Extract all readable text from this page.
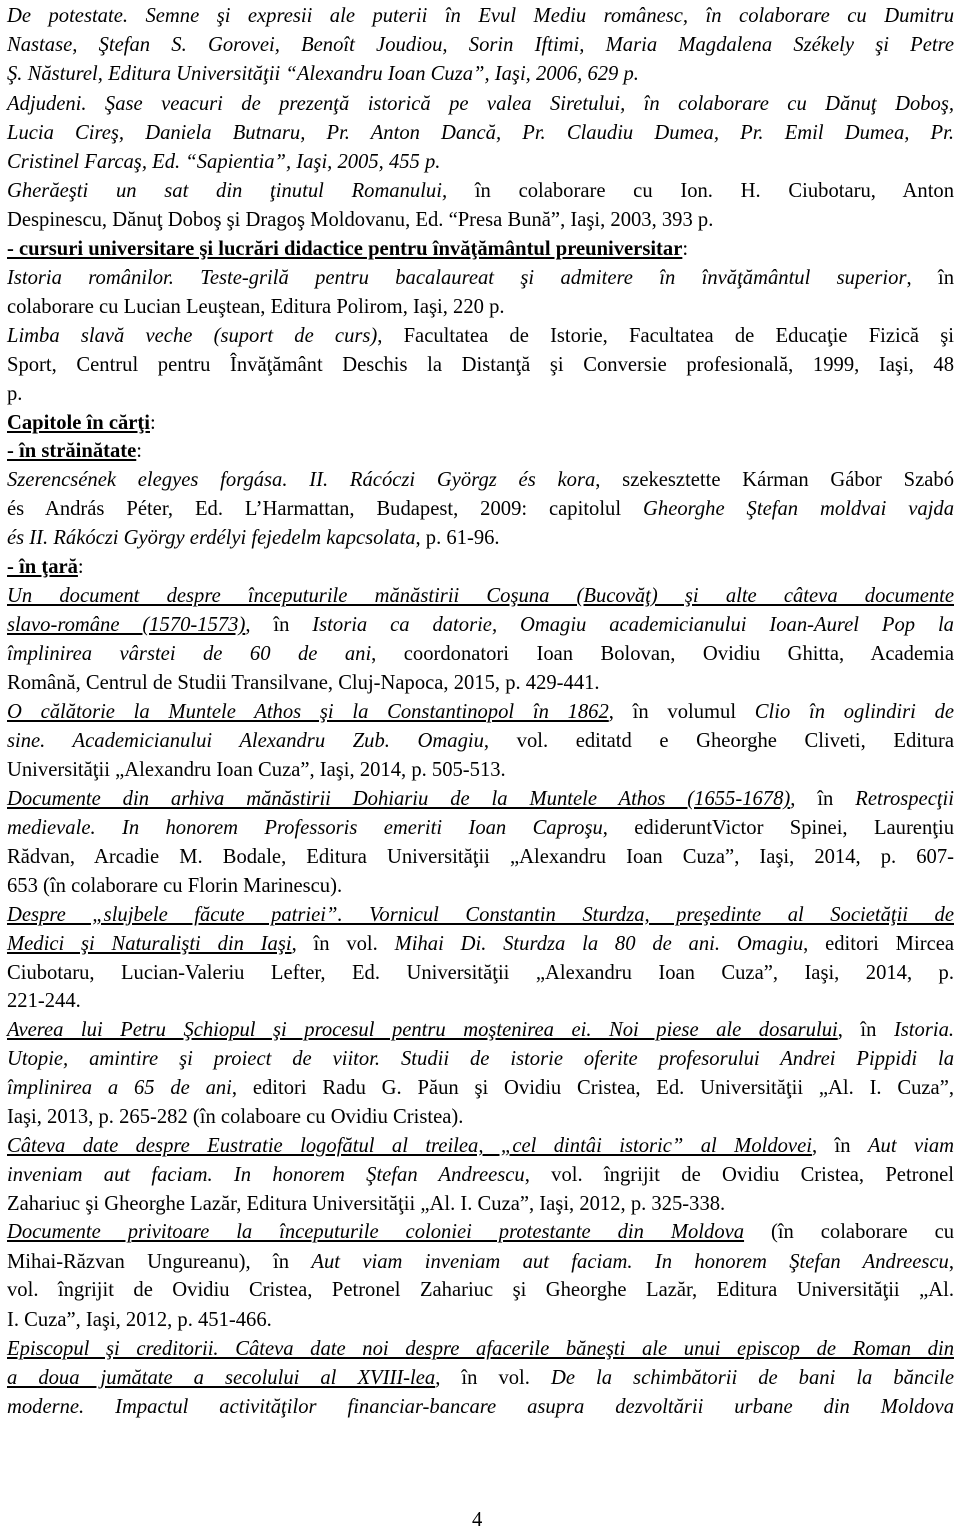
De potestate. Semne şi expresii ale puterii în Evul Mediu românesc, în colaborare cu Dumitru
Nastase, Ştefan S. Gorovei, Benoît Joudiou, Sorin Iftimi, Maria Magdalena Székely şi Petre
Ş. Năsturel, Editura Universităţii “Alexandru Ioan Cuza”, Iaşi, 2006, 629 p.
Adjudeni. Şase veacuri de prezenţă istorică pe valea Siretului, în colaborare cu Dănuţ Doboş,
Lucia Cireş, Daniela Butnaru, Pr. Anton Dancă, Pr. Claudiu Dumea, Pr. Emil Dumea, Pr.
Cristinel Farcaş, Ed. “Sapientia”, Iaşi, 2005, 455 p.
Gherăeşti un sat din ţinutul Romanului, în colaborare cu Ion. H. Ciubotaru, Anton
Despinescu, Dănuţ Doboş şi Dragoş Moldovanu, Ed. “Presa Bună”, Iaşi, 2003, 393 p.
- cursuri universitare şi lucrări didactice pentru învăţământul preuniversitar:
Istoria românilor. Teste-grilă pentru bacalaureat şi admitere în învăţământul superior, în
colaborare cu Lucian Leuştean, Editura Polirom, Iaşi, 220 p.
Limba slavă veche (suport de curs), Facultatea de Istorie, Facultatea de Educaţie Fizică şi
Sport, Centrul pentru Învăţământ Deschis la Distanţă şi Conversie profesională, 1999, Iaşi, 48
p.
Capitole în cărţi:
- în străinătate:
Szerencsének elegyes forgása. II. Rácóczi Györgz és kora, szekesztette Kárman Gábor Szabó
és András Péter, Ed. L’Harmattan, Budapest, 2009: capitolul Gheorghe Ştefan moldvai vajda
és II. Rákóczi György erdélyi fejedelm kapcsolata, p. 61-96.
- în ţară:
Un document despre începuturile mănăstirii Coşuna (Bucovăţ) şi alte câteva documente
slavo-române (1570-1573), în Istoria ca datorie, Omagiu academicianului Ioan-Aurel Pop la
împlinirea vârstei de 60 de ani, coordonatori Ioan Bolovan, Ovidiu Ghitta, Academia
Română, Centrul de Studii Transilvane, Cluj-Napoca, 2015, p. 429-441.
O călătorie la Muntele Athos şi la Constantinopol în 1862, în volumul Clio în oglindiri de
sine. Academicianului Alexandru Zub. Omagiu, vol. editatd e Gheorghe Cliveti, Editura
Universităţii „Alexandru Ioan Cuza”, Iaşi, 2014, p. 505-513.
Documente din arhiva mănăstirii Dohiariu de la Muntele Athos (1655-1678), în Retrospecţii
medievale. In honorem Professoris emeriti Ioan Caproşu, edideruntVictor Spinei, Laurenţiu
Rădvan, Arcadie M. Bodale, Editura Universităţii „Alexandru Ioan Cuza”, Iaşi, 2014, p. 607-
653 (în colaborare cu Florin Marinescu).
Despre „slujbele făcute patriei”. Vornicul Constantin Sturdza, preşedinte al Societăţii de
Medici şi Naturalişti din Iaşi, în vol. Mihai Di. Sturdza la 80 de ani. Omagiu, editori Mircea
Ciubotaru, Lucian-Valeriu Lefter, Ed. Universităţii „Alexandru Ioan Cuza”, Iaşi, 2014, p.
221-244.
Averea lui Petru Şchiopul şi procesul pentru moştenirea ei. Noi piese ale dosarului, în Istoria.
Utopie, amintire şi proiect de viitor. Studii de istorie oferite profesorului Andrei Pippidi la
împlinirea a 65 de ani, editori Radu G. Păun şi Ovidiu Cristea, Ed. Universităţii „Al. I. Cuza”,
Iaşi, 2013, p. 265-282 (în colaboare cu Ovidiu Cristea).
Câteva date despre Eustratie logofătul al treilea, „cel dintâi istoric” al Moldovei, în Aut viam
inveniam aut faciam. In honorem Ştefan Andreescu, vol. îngrijit de Ovidiu Cristea, Petronel
Zahariuc şi Gheorghe Lazăr, Editura Universităţii „Al. I. Cuza”, Iaşi, 2012, p. 325-338.
Documente privitoare la începuturile coloniei protestante din Moldova (în colaborare cu
Mihai-Răzvan Ungureanu), în Aut viam inveniam aut faciam. In honorem Ştefan Andreescu,
vol. îngrijit de Ovidiu Cristea, Petronel Zahariuc şi Gheorghe Lazăr, Editura Universităţii „Al.
I. Cuza”, Iaşi, 2012, p. 451-466.
Episcopul şi creditorii. Câteva date noi despre afacerile băneşti ale unui episcop de Roman din
a doua jumătate a secolului al XVIII-lea, în vol. De la schimbătorii de bani la băncile
moderne. Impactul activităţilor financiar-bancare asupra dezvoltării urbane din Moldova
4
